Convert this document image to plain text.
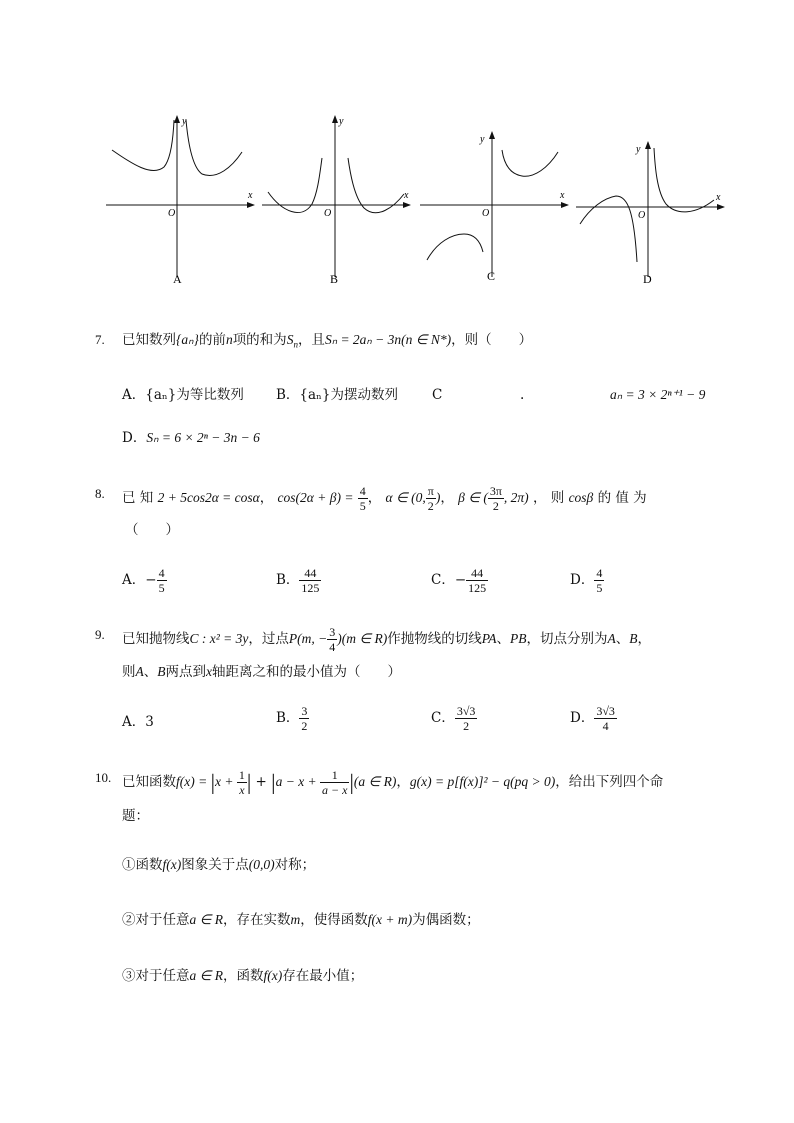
x
y
O
A
x
y
O
B
x
y
O
C
x
y
O
D
7. 已知数列{aₙ}的前n项的和为$S_n$，且Sₙ = 2aₙ − 3n(n ∈ N*)，则（　　）
A．{aₙ}为等比数列 B．{aₙ}为摆动数列	C	.	aₙ = 3 × 2ⁿ⁺¹ − 9
D．Sₙ = 6 × 2ⁿ − 3n − 6
8. 已 知 2 + 5cos2α = cosα， $\cos(2\alpha + \beta) = \frac{4}{5}$ ， α ∈ (0, $\frac{\pi}{2}$ )， β ∈ ( $\frac{3\pi}{2}$ , 2π) ， 则 cosβ 的 值 为
（　　）
A．− $\frac{4}{5}$	B． $\frac{44}{125}$	C．− $\frac{44}{125}$	D． $\frac{4}{5}$
9. 已知抛物线C : x² = 3y，过点P(m, − $\frac{3}{4} )(m$ ∈ R)作抛物线的切线PA、PB，切点分别为A、B，
则A、B两点到x轴距离之和的最小值为（　　）
A．3	B． $\frac{3}{2}$	C． $\frac{3√3}{2}$	D． $\frac{3√3}{4}$
10. 已知函数$f(x) = |x + \frac{1}{x}$ | + $|a - x + \frac{1}{a - x} |(a$ ∈ R)，g(x) = p[f(x)]² − q(pq > 0)，给出下列四个命
题：
①函数f(x)图象关于点(0,0)对称；
②对于任意a ∈ R，存在实数m，使得函数f(x + m)为偶函数；
③对于任意a ∈ R，函数f(x)存在最小值；
